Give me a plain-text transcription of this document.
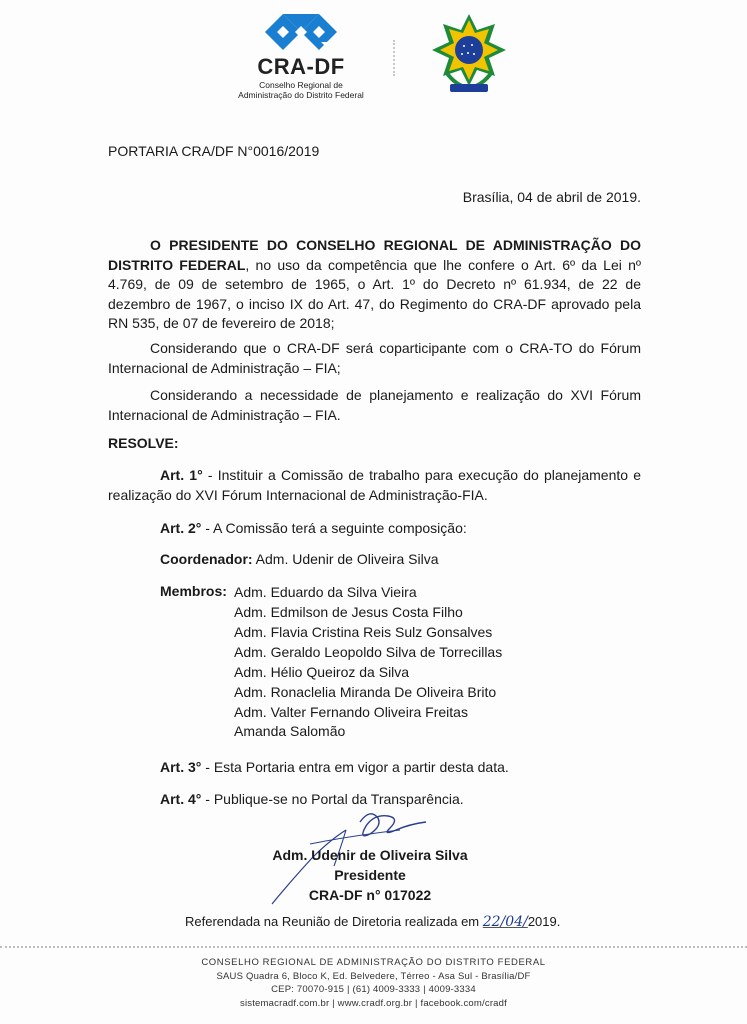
CRA-DF
Conselho Regional de
Administração do Distrito Federal
PORTARIA CRA/DF N°0016/2019
Brasília, 04 de abril de 2019.
O PRESIDENTE DO CONSELHO REGIONAL DE ADMINISTRAÇÃO DO DISTRITO FEDERAL, no uso da competência que lhe confere o Art. 6º da Lei nº 4.769, de 09 de setembro de 1965, o Art. 1º do Decreto nº 61.934, de 22 de dezembro de 1967, o inciso IX do Art. 47, do Regimento do CRA-DF aprovado pela RN 535, de 07 de fevereiro de 2018;
Considerando que o CRA-DF será coparticipante com o CRA-TO do Fórum Internacional de Administração – FIA;
Considerando a necessidade de planejamento e realização do XVI Fórum Internacional de Administração – FIA.
RESOLVE:
Art. 1° - Instituir a Comissão de trabalho para execução do planejamento e realização do XVI Fórum Internacional de Administração-FIA.
Art. 2° - A Comissão terá a seguinte composição:
Coordenador: Adm. Udenir de Oliveira Silva
Membros: Adm. Eduardo da Silva Vieira
Adm. Edmilson de Jesus Costa Filho
Adm. Flavia Cristina Reis Sulz Gonsalves
Adm. Geraldo Leopoldo Silva de Torrecillas
Adm. Hélio Queiroz da Silva
Adm. Ronaclelia Miranda De Oliveira Brito
Adm. Valter Fernando Oliveira Freitas
Amanda Salomão
Art. 3° - Esta Portaria entra em vigor a partir desta data.
Art. 4° - Publique-se no Portal da Transparência.
Adm. Udenir de Oliveira Silva
Presidente
CRA-DF n° 017022
Referendada na Reunião de Diretoria realizada em 22/04/2019.
CONSELHO REGIONAL DE ADMINISTRAÇÃO DO DISTRITO FEDERAL
SAUS Quadra 6, Bloco K, Ed. Belvedere, Térreo - Asa Sul - Brasília/DF
CEP: 70070-915 | (61) 4009-3333 | 4009-3334
sistemacradf.com.br | www.cradf.org.br | facebook.com/cradf
